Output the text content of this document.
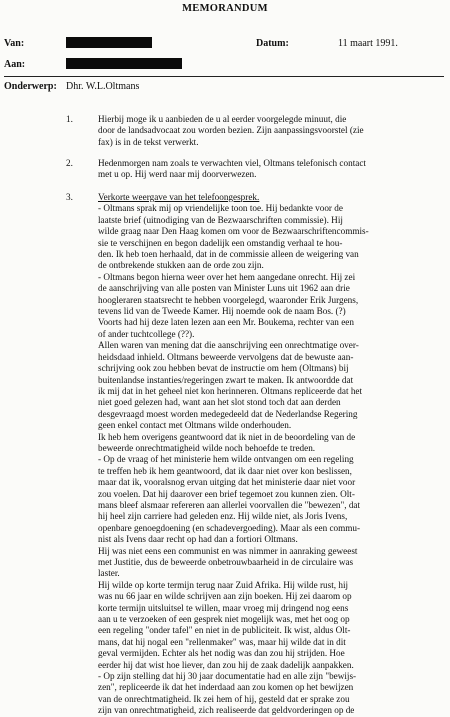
MEMORANDUM
Van:	Datum:	11 maart 1991.
Aan:
Onderwerp: Dhr. W.L.Oltmans
1.	Hierbij moge ik u aanbieden de u al eerder voorgelegde minuut, die
door de landsadvocaat zou worden bezien. Zijn aanpassingsvoorstel (zie
fax) is in de tekst verwerkt.
2.	Hedenmorgen nam zoals te verwachten viel, Oltmans telefonisch contact
met u op. Hij werd naar mij doorverwezen.
3.	Verkorte weergave van het telefoongesprek.
- Oltmans sprak mij op vriendelijke toon toe. Hij bedankte voor de
laatste brief (uitnodiging van de Bezwaarschriften commissie). Hij
wilde graag naar Den Haag komen om voor de Bezwaarschriftencommis-
sie te verschijnen en begon dadelijk een omstandig verhaal te hou-
den. Ik heb toen herhaald, dat in de commissie alleen de weigering van
de ontbrekende stukken aan de orde zou zijn.
- Oltmans begon hierna weer over het hem aangedane onrecht. Hij zei
de aanschrijving van alle posten van Minister Luns uit 1962 aan drie
hoogleraren staatsrecht te hebben voorgelegd, waaronder Erik Jurgens,
tevens lid van de Tweede Kamer. Hij noemde ook de naam Bos. (?)
Voorts had hij deze laten lezen aan een Mr. Boukema, rechter van een
of ander tuchtcollege (??).
Allen waren van mening dat die aanschrijving een onrechtmatige over-
heidsdaad inhield. Oltmans beweerde vervolgens dat de bewuste aan-
schrijving ook zou hebben bevat de instructie om hem (Oltmans) bij
buitenlandse instanties/regeringen zwart te maken. Ik antwoordde dat
ik mij dat in het geheel niet kon herinneren. Oltmans repliceerde dat het
niet goed gelezen had, want aan het slot stond toch dat aan derden
desgevraagd moest worden medegedeeld dat de Nederlandse Regering
geen enkel contact met Oltmans wilde onderhouden.
Ik heb hem overigens geantwoord dat ik niet in de beoordeling van de
beweerde onrechtmatigheid wilde noch behoefde te treden.
- Op de vraag of het ministerie hem wilde ontvangen om een regeling
te treffen heb ik hem geantwoord, dat ik daar niet over kon beslissen,
maar dat ik, vooralsnog ervan uitging dat het ministerie daar niet voor
zou voelen. Dat hij daarover een brief tegemoet zou kunnen zien. Olt-
mans bleef alsmaar refereren aan allerlei voorvallen die "bewezen", dat
hij heel zijn carriere had geleden enz. Hij wilde niet, als Joris Ivens,
openbare genoegdoening (en schadevergoeding). Maar als een commu-
nist als Ivens daar recht op had dan a fortiori Oltmans.
Hij was niet eens een communist en was nimmer in aanraking geweest
met Justitie, dus de beweerde onbetrouwbaarheid in de circulaire was
laster.
Hij wilde op korte termijn terug naar Zuid Afrika. Hij wilde rust, hij
was nu 66 jaar en wilde schrijven aan zijn boeken. Hij zei daarom op
korte termijn uitsluitsel te willen, maar vroeg mij dringend nog eens
aan u te verzoeken of een gesprek niet mogelijk was, met het oog op
een regeling "onder tafel" en niet in de publiciteit. Ik wist, aldus Olt-
mans, dat hij nogal een "rellenmaker" was, maar hij wilde dat in dit
geval vermijden. Echter als het nodig was dan zou hij strijden. Hoe
eerder hij dat wist hoe liever, dan zou hij de zaak dadelijk aanpakken.
- Op zijn stelling dat hij 30 jaar documentatie had en alle zijn "bewijs-
zen", repliceerde ik dat het inderdaad aan zou komen op het bewijzen
van de onrechtmatigheid. Ik zei hem of hij, gesteld dat er sprake zou
zijn van onrechtmatigheid, zich realiseerde dat geldvorderingen op de
